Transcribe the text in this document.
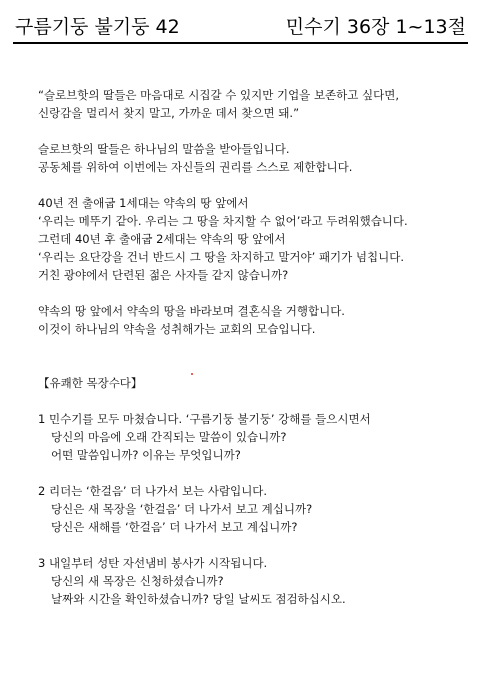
구름기둥 불기둥 42	민수기 36장 1~13절
“슬로브핫의 딸들은 마음대로 시집갈 수 있지만 기업을 보존하고 싶다면,
신랑감을 멀리서 찾지 말고, 가까운 데서 찾으면 돼.”
슬로브핫의 딸들은 하나님의 말씀을 받아들입니다.
공동체를 위하여 이번에는 자신들의 권리를 스스로 제한합니다.
40년 전 출애굽 1세대는 약속의 땅 앞에서
‘우리는 메뚜기 같아. 우리는 그 땅을 차지할 수 없어’라고 두려워했습니다.
그런데 40년 후 출애굽 2세대는 약속의 땅 앞에서
‘우리는 요단강을 건너 반드시 그 땅을 차지하고 말거야’ 패기가 넘칩니다.
거친 광야에서 단련된 젊은 사자들 같지 않습니까?
약속의 땅 앞에서 약속의 땅을 바라보며 결혼식을 거행합니다.
이것이 하나님의 약속을 성취해가는 교회의 모습입니다.
【유쾌한 목장수다】
1 민수기를 모두 마쳤습니다. ‘구름기둥 불기둥’ 강해를 들으시면서
당신의 마음에 오래 간직되는 말씀이 있습니까?
어떤 말씀입니까? 이유는 무엇입니까?
2 리더는 ‘한걸음’ 더 나가서 보는 사람입니다.
당신은 새 목장을 ‘한걸음’ 더 나가서 보고 계십니까?
당신은 새해를 ‘한걸음’ 더 나가서 보고 계십니까?
3 내일부터 성탄 자선냄비 봉사가 시작됩니다.
당신의 새 목장은 신청하셨습니까?
날짜와 시간을 확인하셨습니까? 당일 날씨도 점검하십시오.
